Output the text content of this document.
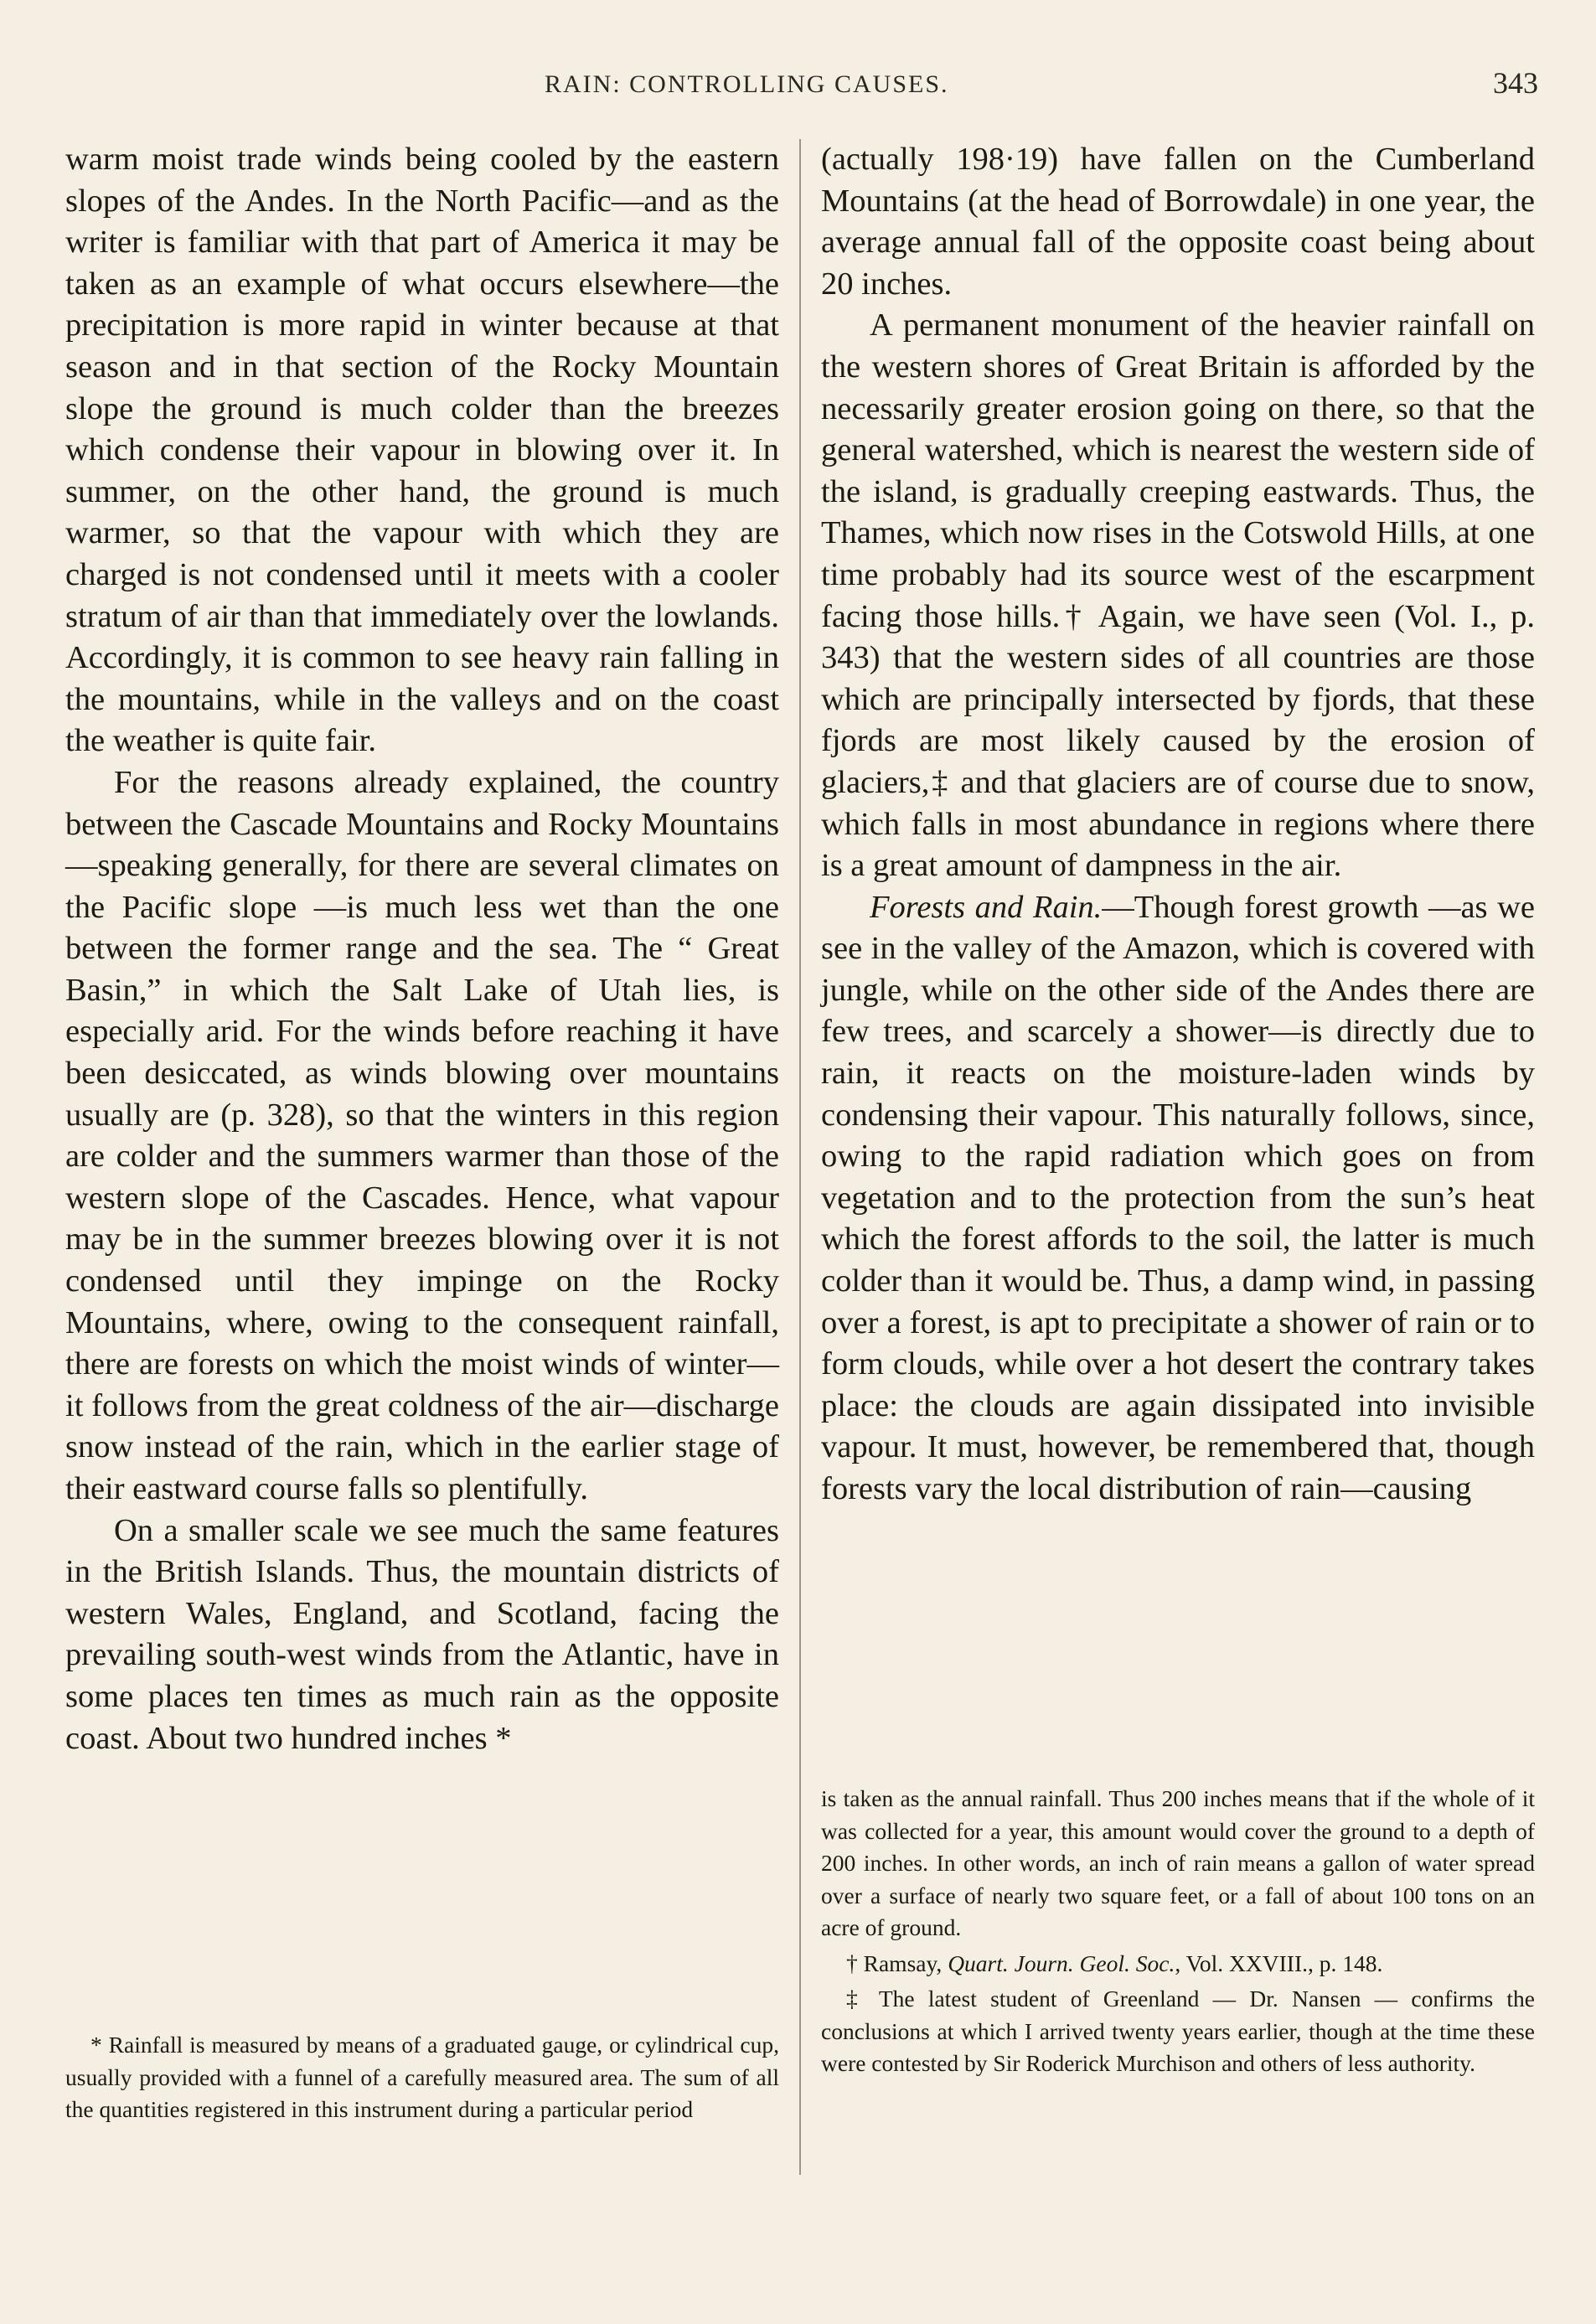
RAIN: CONTROLLING CAUSES.	343

warm moist trade winds being cooled by the eastern slopes of the Andes. In the North Pacific—and as the writer is familiar with that part of America it may be taken as an example of what occurs elsewhere—the precipitation is more rapid in winter because at that season and in that section of the Rocky Mountain slope the ground is much colder than the breezes which condense their vapour in blowing over it. In summer, on the other hand, the ground is much warmer, so that the vapour with which they are charged is not condensed until it meets with a cooler stratum of air than that immediately over the lowlands. Accordingly, it is common to see heavy rain falling in the mountains, while in the valleys and on the coast the weather is quite fair.

For the reasons already explained, the country between the Cascade Mountains and Rocky Mountains—speaking generally, for there are several climates on the Pacific slope —is much less wet than the one between the former range and the sea. The “ Great Basin,” in which the Salt Lake of Utah lies, is especially arid. For the winds before reaching it have been desiccated, as winds blowing over mountains usually are (p. 328), so that the winters in this region are colder and the summers warmer than those of the western slope of the Cascades. Hence, what vapour may be in the summer breezes blowing over it is not condensed until they impinge on the Rocky Mountains, where, owing to the consequent rainfall, there are forests on which the moist winds of winter—it follows from the great coldness of the air—discharge snow instead of the rain, which in the earlier stage of their eastward course falls so plentifully.

On a smaller scale we see much the same features in the British Islands. Thus, the mountain districts of western Wales, England, and Scotland, facing the prevailing south-west winds from the Atlantic, have in some places ten times as much rain as the opposite coast. About two hundred inches *

(actually 198·19) have fallen on the Cumberland Mountains (at the head of Borrowdale) in one year, the average annual fall of the opposite coast being about 20 inches.

A permanent monument of the heavier rainfall on the western shores of Great Britain is afforded by the necessarily greater erosion going on there, so that the general watershed, which is nearest the western side of the island, is gradually creeping eastwards. Thus, the Thames, which now rises in the Cotswold Hills, at one time probably had its source west of the escarpment facing those hills.† Again, we have seen (Vol. I., p. 343) that the western sides of all countries are those which are principally intersected by fjords, that these fjords are most likely caused by the erosion of glaciers,‡ and that glaciers are of course due to snow, which falls in most abundance in regions where there is a great amount of dampness in the air.

Forests and Rain.—Though forest growth —as we see in the valley of the Amazon, which is covered with jungle, while on the other side of the Andes there are few trees, and scarcely a shower—is directly due to rain, it reacts on the moisture-laden winds by condensing their vapour. This naturally follows, since, owing to the rapid radiation which goes on from vegetation and to the protection from the sun’s heat which the forest affords to the soil, the latter is much colder than it would be. Thus, a damp wind, in passing over a forest, is apt to precipitate a shower of rain or to form clouds, while over a hot desert the contrary takes place: the clouds are again dissipated into invisible vapour. It must, however, be remembered that, though forests vary the local distribution of rain—causing

* Rainfall is measured by means of a graduated gauge, or cylindrical cup, usually provided with a funnel of a carefully measured area. The sum of all the quantities registered in this instrument during a particular period

is taken as the annual rainfall. Thus 200 inches means that if the whole of it was collected for a year, this amount would cover the ground to a depth of 200 inches. In other words, an inch of rain means a gallon of water spread over a surface of nearly two square feet, or a fall of about 100 tons on an acre of ground.

† Ramsay, Quart. Journ. Geol. Soc., Vol. XXVIII., p. 148.

‡ The latest student of Greenland — Dr. Nansen — confirms the conclusions at which I arrived twenty years earlier, though at the time these were contested by Sir Roderick Murchison and others of less authority.
